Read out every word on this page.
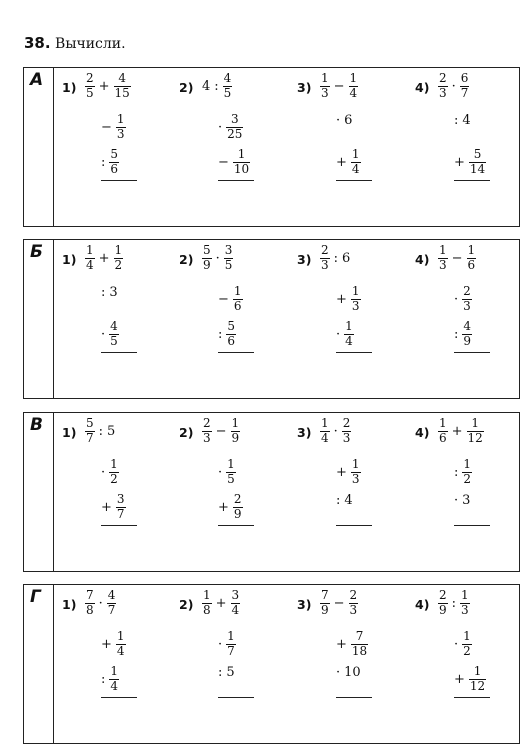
38. Вычисли.
А $1) \frac{2}{5} + \frac{4}{15}$
− $\frac{1}{3}$
: $\frac{5}{6}$
2) 4 : $\frac{4}{5}$
· $\frac{3}{25}$
− $\frac{1}{10}$
$3) \frac{1}{3} - \frac{1}{4}$
· 6
+ $\frac{1}{4}$
$4) \frac{2}{3} \cdot \frac{6}{7}$
: 4
+ $\frac{5}{14}$
Б $1) \frac{1}{4} + \frac{1}{2}$
: 3
· $\frac{4}{5}$
$2) \frac{5}{9} \cdot \frac{3}{5}$
− $\frac{1}{6}$
: $\frac{5}{6}$
$3) \frac{2}{3}$ : 6
+ $\frac{1}{3}$
· $\frac{1}{4}$
$4) \frac{1}{3} - \frac{1}{6}$
· $\frac{2}{3}$
: $\frac{4}{9}$
В $1) \frac{5}{7}$ : 5
· $\frac{1}{2}$
+ $\frac{3}{7}$
$2) \frac{2}{3} - \frac{1}{9}$
· $\frac{1}{5}$
+ $\frac{2}{9}$
$3) \frac{1}{4} \cdot \frac{2}{3}$
+ $\frac{1}{3}$
: 4
$4) \frac{1}{6} + \frac{1}{12}$
: $\frac{1}{2}$
· 3
Г $1) \frac{7}{8} \cdot \frac{4}{7}$
+ $\frac{1}{4}$
: $\frac{1}{4}$
$2) \frac{1}{8} + \frac{3}{4}$
· $\frac{1}{7}$
: 5
$3) \frac{7}{9} - \frac{2}{3}$
+ $\frac{7}{18}$
· 10
$4) \frac{2}{9}$ : $\frac{1}{3}$
· $\frac{1}{2}$
+ $\frac{1}{12}$
